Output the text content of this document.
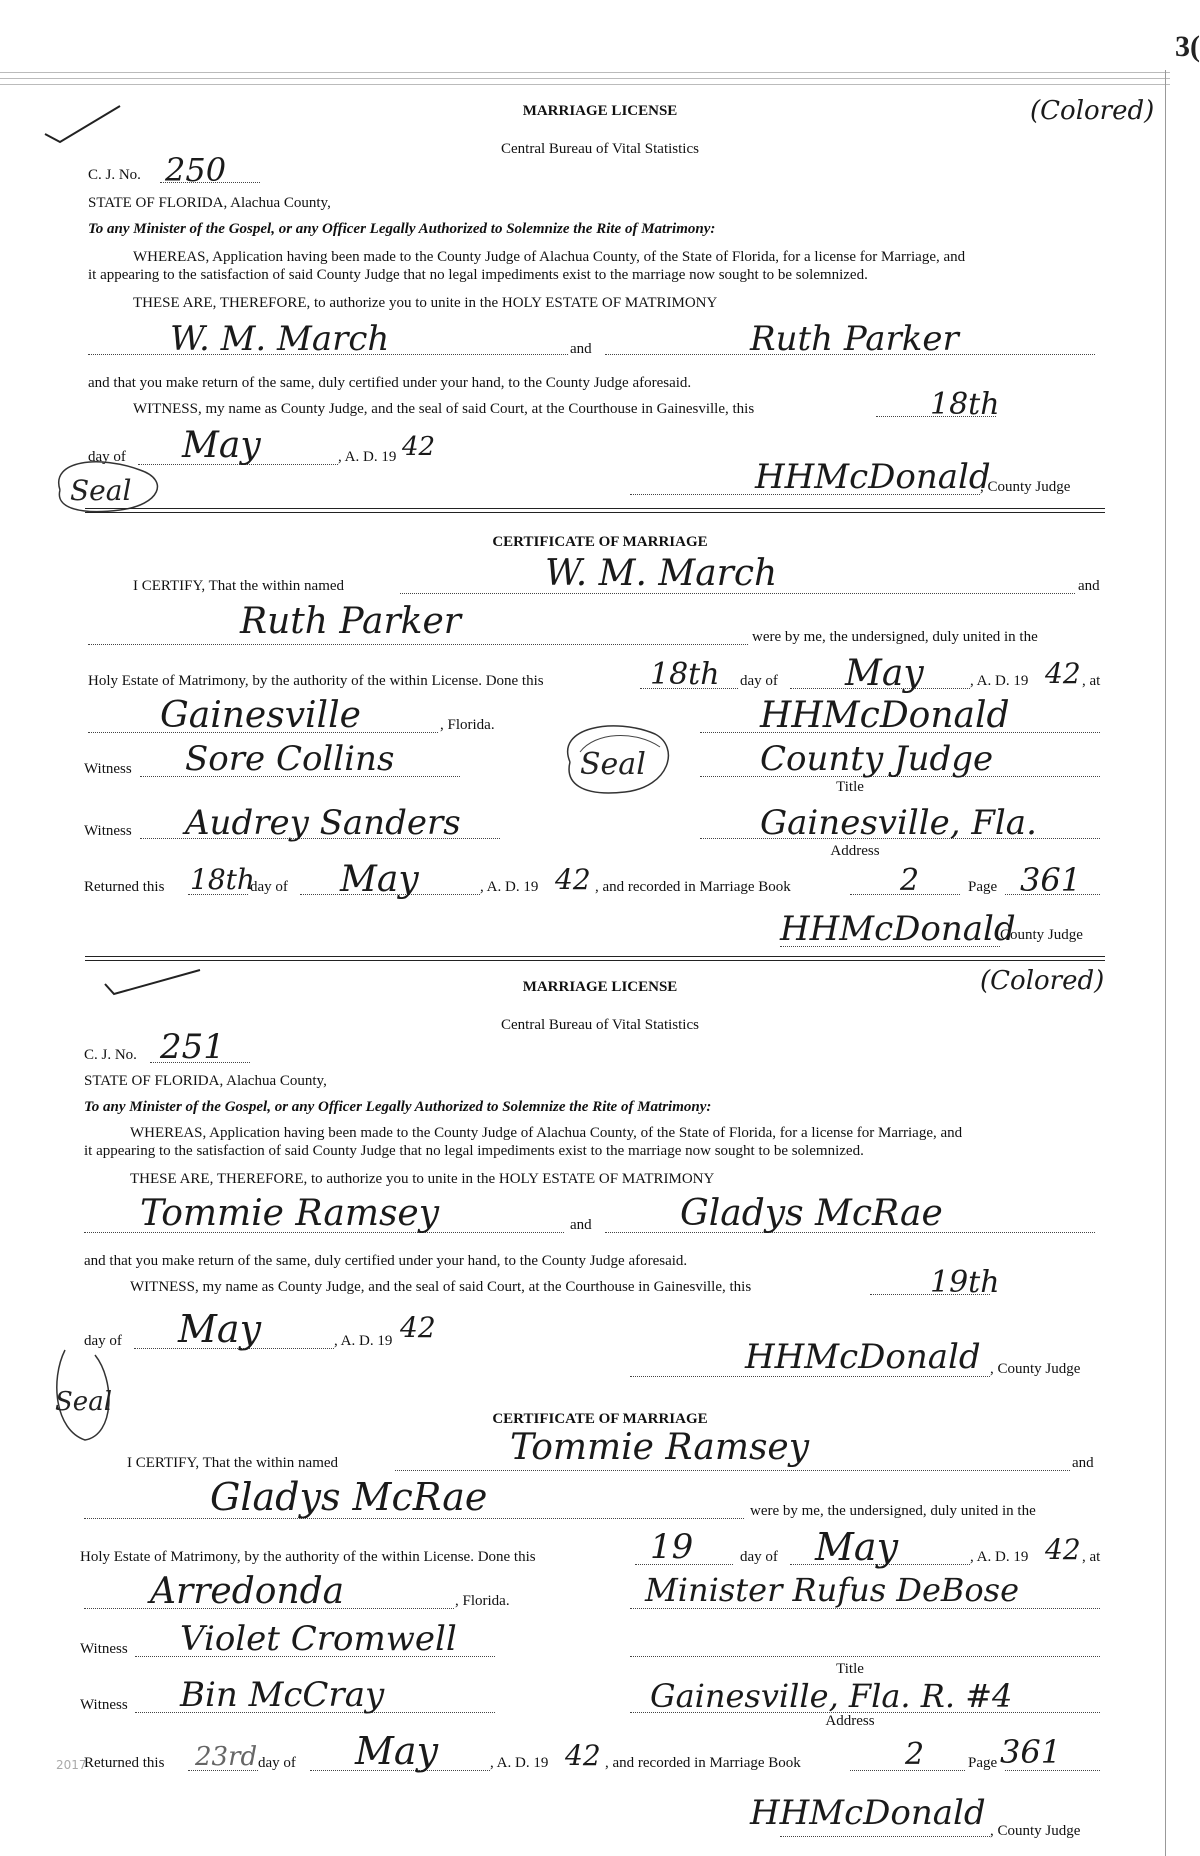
3(
MARRIAGE LICENSE	(Colored)
Central Bureau of Vital Statistics
C. J. No. 250
STATE OF FLORIDA, Alachua County,
To any Minister of the Gospel, or any Officer Legally Authorized to Solemnize the Rite of Matrimony:
WHEREAS, Application having been made to the County Judge of Alachua County, of the State of Florida, for a license for Marriage, and
it appearing to the satisfaction of said County Judge that no legal impediments exist to the marriage now sought to be solemnized.
THESE ARE, THEREFORE, to authorize you to unite in the HOLY ESTATE OF MATRIMONY
W. M. March	and	Ruth Parker
and that you make return of the same, duly certified under your hand, to the County Judge aforesaid.
WITNESS, my name as County Judge, and the seal of said Court, at the Courthouse in Gainesville, this	18th
day of May	, A. D. 19 42
Seal	HHMcDonald
, County Judge
CERTIFICATE OF MARRIAGE
I CERTIFY, That the within named	W. M. March	and
Ruth Parker	were by me, the undersigned, duly united in the
Holy Estate of Matrimony, by the authority of the within License. Done this	18th day of May	, A. D. 19 42 , at
Gainesville	, Florida.	HHMcDonald
Seal
Witness Sore Collins	County Judge
Title
Witness Audrey Sanders	Gainesville, Fla.
Address
Returned this 18th
day of May	, A. D. 19 42 , and recorded in Marriage Book	2	Page 361
HHMcDonald
County Judge
MARRIAGE LICENSE	(Colored)
Central Bureau of Vital Statistics
C. J. No. 251
STATE OF FLORIDA, Alachua County,
To any Minister of the Gospel, or any Officer Legally Authorized to Solemnize the Rite of Matrimony:
WHEREAS, Application having been made to the County Judge of Alachua County, of the State of Florida, for a license for Marriage, and
it appearing to the satisfaction of said County Judge that no legal impediments exist to the marriage now sought to be solemnized.
THESE ARE, THEREFORE, to authorize you to unite in the HOLY ESTATE OF MATRIMONY
Tommie Ramsey	and Gladys McRae
and that you make return of the same, duly certified under your hand, to the County Judge aforesaid.
WITNESS, my name as County Judge, and the seal of said Court, at the Courthouse in Gainesville, this	19th
day of May	, A. D. 19 42
Seal
HHMcDonald , County Judge
CERTIFICATE OF MARRIAGE
I CERTIFY, That the within named	Tommie Ramsey	and
Gladys McRae	were by me, the undersigned, duly united in the
Holy Estate of Matrimony, by the authority of the within License. Done this	19	day of May	, A. D. 19 42 , at
Arredonda	, Florida.	Minister Rufus DeBose
Witness Violet Cromwell
Title
Witness Bin McCray	Gainesville, Fla. R. #4
Address
2017
Returned this 23rd day of May	, A. D. 19 42 , and recorded in Marriage Book	2	Page 361
HHMcDonald , County Judge
